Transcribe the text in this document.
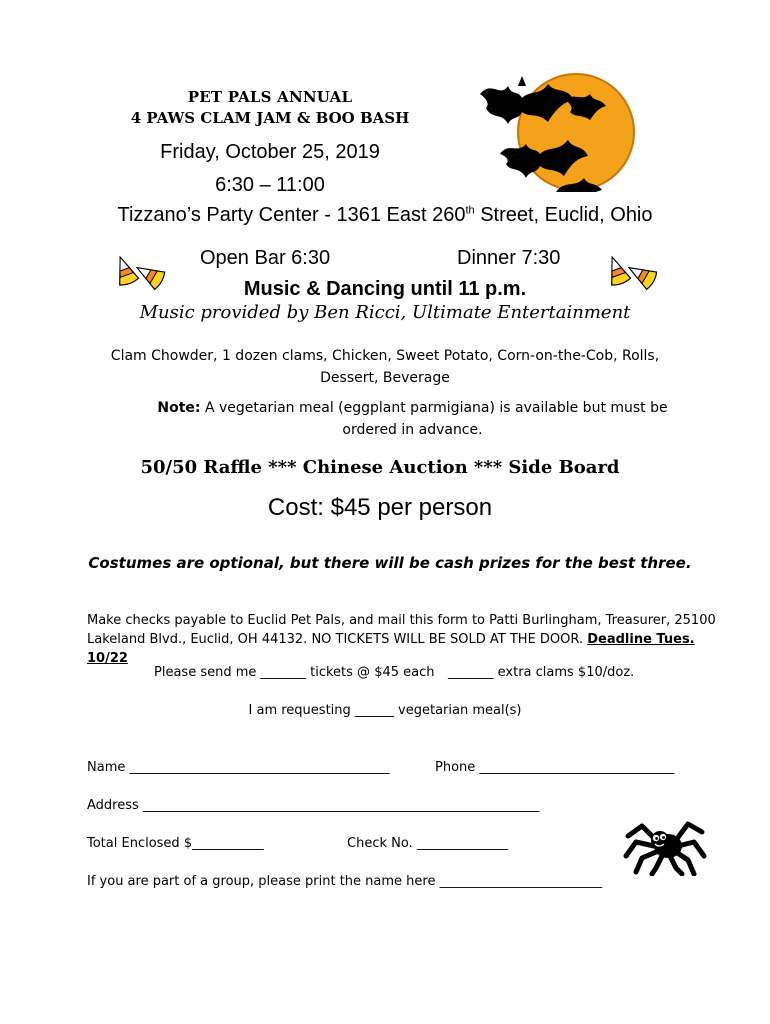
PET PALS ANNUAL
4 PAWS CLAM JAM & BOO BASH
Friday, October 25, 2019
6:30 – 11:00
Tizzano’s Party Center - 1361 East 260th Street, Euclid, Ohio
Open Bar 6:30	Dinner 7:30
Music & Dancing until 11 p.m.
Music provided by Ben Ricci, Ultimate Entertainment
Clam Chowder, 1 dozen clams, Chicken, Sweet Potato, Corn-on-the-Cob, Rolls, Dessert, Beverage
Note: A vegetarian meal (eggplant parmigiana) is available but must be ordered in advance.
50/50 Raffle *** Chinese Auction *** Side Board
Cost: $45 per person
Costumes are optional, but there will be cash prizes for the best three.
Make checks payable to Euclid Pet Pals, and mail this form to Patti Burlingham, Treasurer, 25100 Lakeland Blvd., Euclid, OH 44132. NO TICKETS WILL BE SOLD AT THE DOOR. Deadline Tues. 10/22
Please send me _______ tickets @ $45 each _______ extra clams $10/doz.
I am requesting ______ vegetarian meal(s)
Name ________________________________________	Phone ______________________________
Address _____________________________________________________________
Total Enclosed $___________	Check No. ______________
If you are part of a group, please print the name here _________________________
